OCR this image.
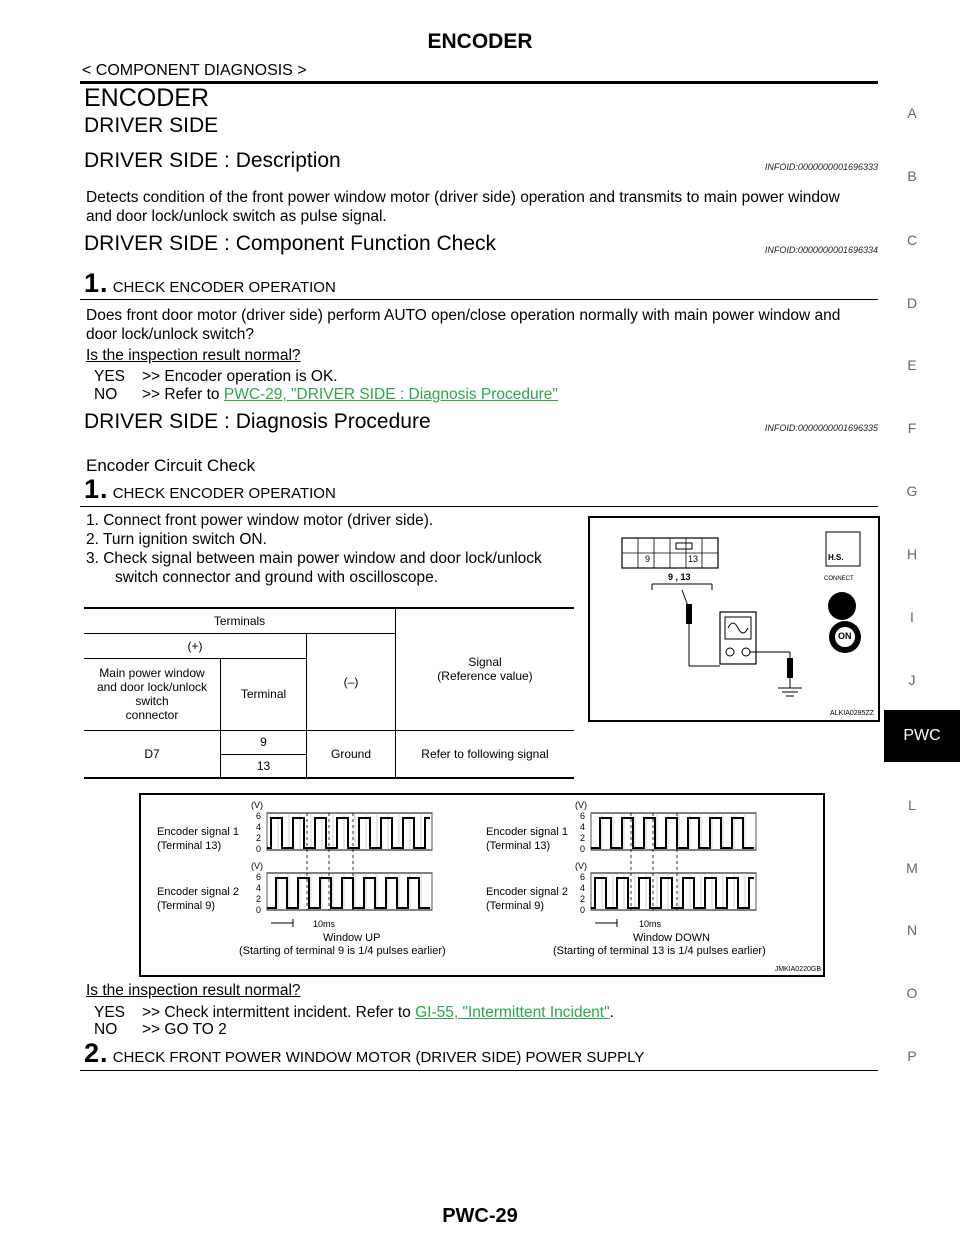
ENCODER
< COMPONENT DIAGNOSIS >
ENCODER
DRIVER SIDE
DRIVER SIDE : Description	INFOID:0000000001696333
Detects condition of the front power window motor (driver side) operation and transmits to main power window
and door lock/unlock switch as pulse signal.
DRIVER SIDE : Component Function Check	INFOID:0000000001696334
1. CHECK ENCODER OPERATION
Does front door motor (driver side) perform AUTO open/close operation normally with main power window and
door lock/unlock switch?
Is the inspection result normal?
YES >> Encoder operation is OK.
NO >> Refer to PWC-29, "DRIVER SIDE : Diagnosis Procedure"
DRIVER SIDE : Diagnosis Procedure	INFOID:0000000001696335
Encoder Circuit Check
1. CHECK ENCODER OPERATION
1. Connect front power window motor (driver side).
2. Turn ignition switch ON.
3. Check signal between main power window and door lock/unlock
switch connector and ground with oscilloscope.
Terminals			Signal
(Reference value)
(+)		(–)	
Main power window
and door lock/unlock
switch
connector	Terminal		

D7	9	Ground	Refer to following signal
	13		
9	13
9 , 13
H.S.
CONNECT
ON
ALKIA0295ZZ
Encoder signal 1
(Terminal 13)
Encoder signal 2
(Terminal 9)
(V)
6
4
2
0
(V)
6
4
2
0
10ms
Window UP
(Starting of terminal 9 is 1/4 pulses earlier)
Encoder signal 1
(Terminal 13)
Encoder signal 2
(Terminal 9)
(V)
6
4
2
0
(V)
6
4
2
0
10ms
Window DOWN
(Starting of terminal 13 is 1/4 pulses earlier)
JMKIA0220GB
Is the inspection result normal?
YES >> Check intermittent incident. Refer to GI-55, "Intermittent Incident".
NO >> GO TO 2
2. CHECK FRONT POWER WINDOW MOTOR (DRIVER SIDE) POWER SUPPLY
A
B
C
D
E
F
G
H
I
J
PWC
L
M
N
O
P
PWC-29
